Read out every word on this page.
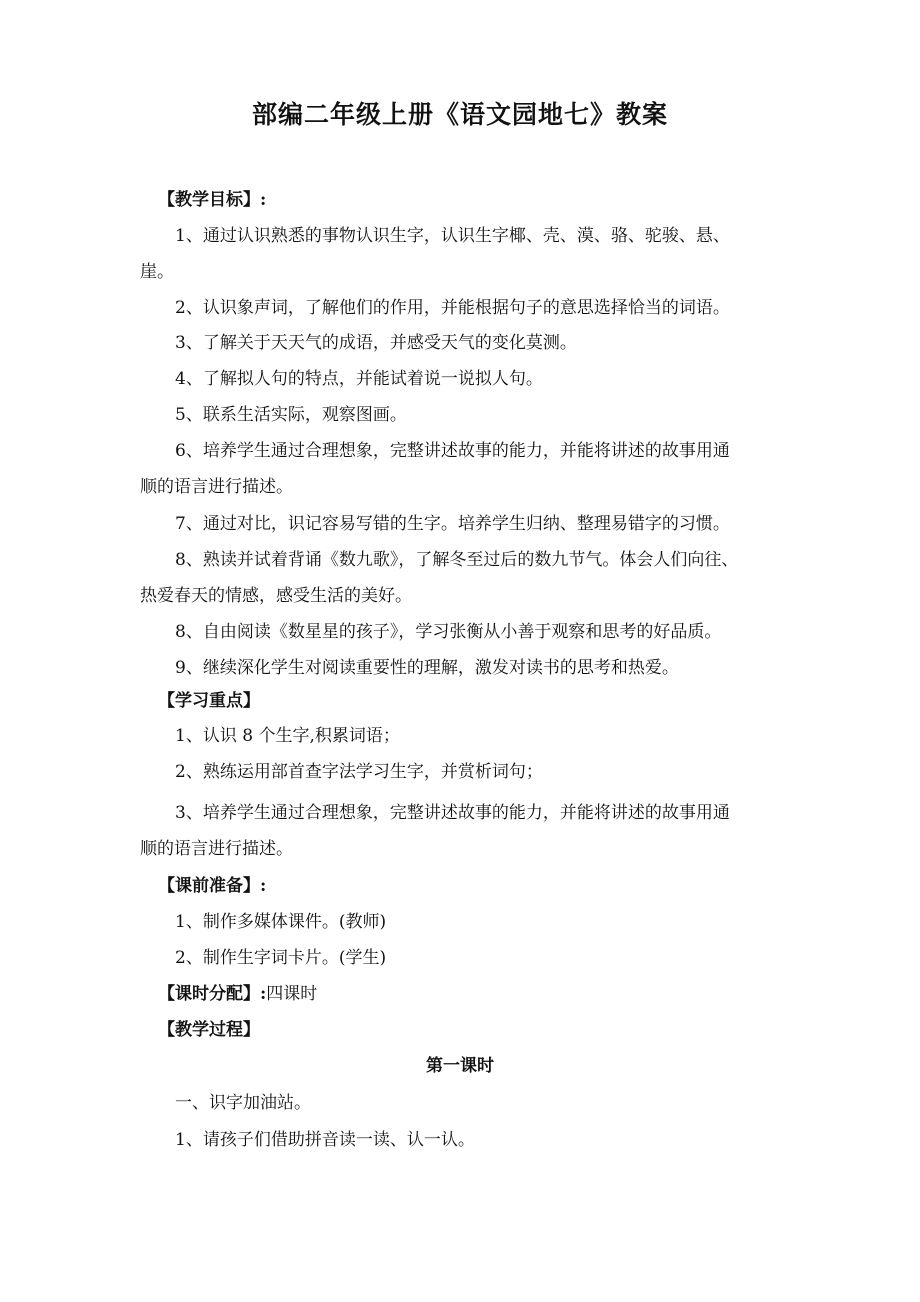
部编二年级上册《语文园地七》教案
【教学目标】:
1、通过认识熟悉的事物认识生字，认识生字椰、壳、漠、骆、驼骏、悬、
崖。
2、认识象声词，了解他们的作用，并能根据句子的意思选择恰当的词语。
3、了解关于天天气的成语，并感受天气的变化莫测。
4、了解拟人句的特点，并能试着说一说拟人句。
5、联系生活实际，观察图画。
6、培养学生通过合理想象，完整讲述故事的能力，并能将讲述的故事用通
顺的语言进行描述。
7、通过对比，识记容易写错的生字。培养学生归纳、整理易错字的习惯。
8、熟读并试着背诵《数九歌》，了解冬至过后的数九节气。体会人们向往、
热爱春天的情感，感受生活的美好。
8、自由阅读《数星星的孩子》，学习张衡从小善于观察和思考的好品质。
9、继续深化学生对阅读重要性的理解，激发对读书的思考和热爱。
【学习重点】
1、认识 8 个生字,积累词语；
2、熟练运用部首查字法学习生字，并赏析词句；
3、培养学生通过合理想象，完整讲述故事的能力，并能将讲述的故事用通
顺的语言进行描述。
【课前准备】:
1、制作多媒体课件。(教师)
2、制作生字词卡片。(学生)
【课时分配】:四课时
【教学过程】
第一课时
一、识字加油站。
1、请孩子们借助拼音读一读、认一认。
